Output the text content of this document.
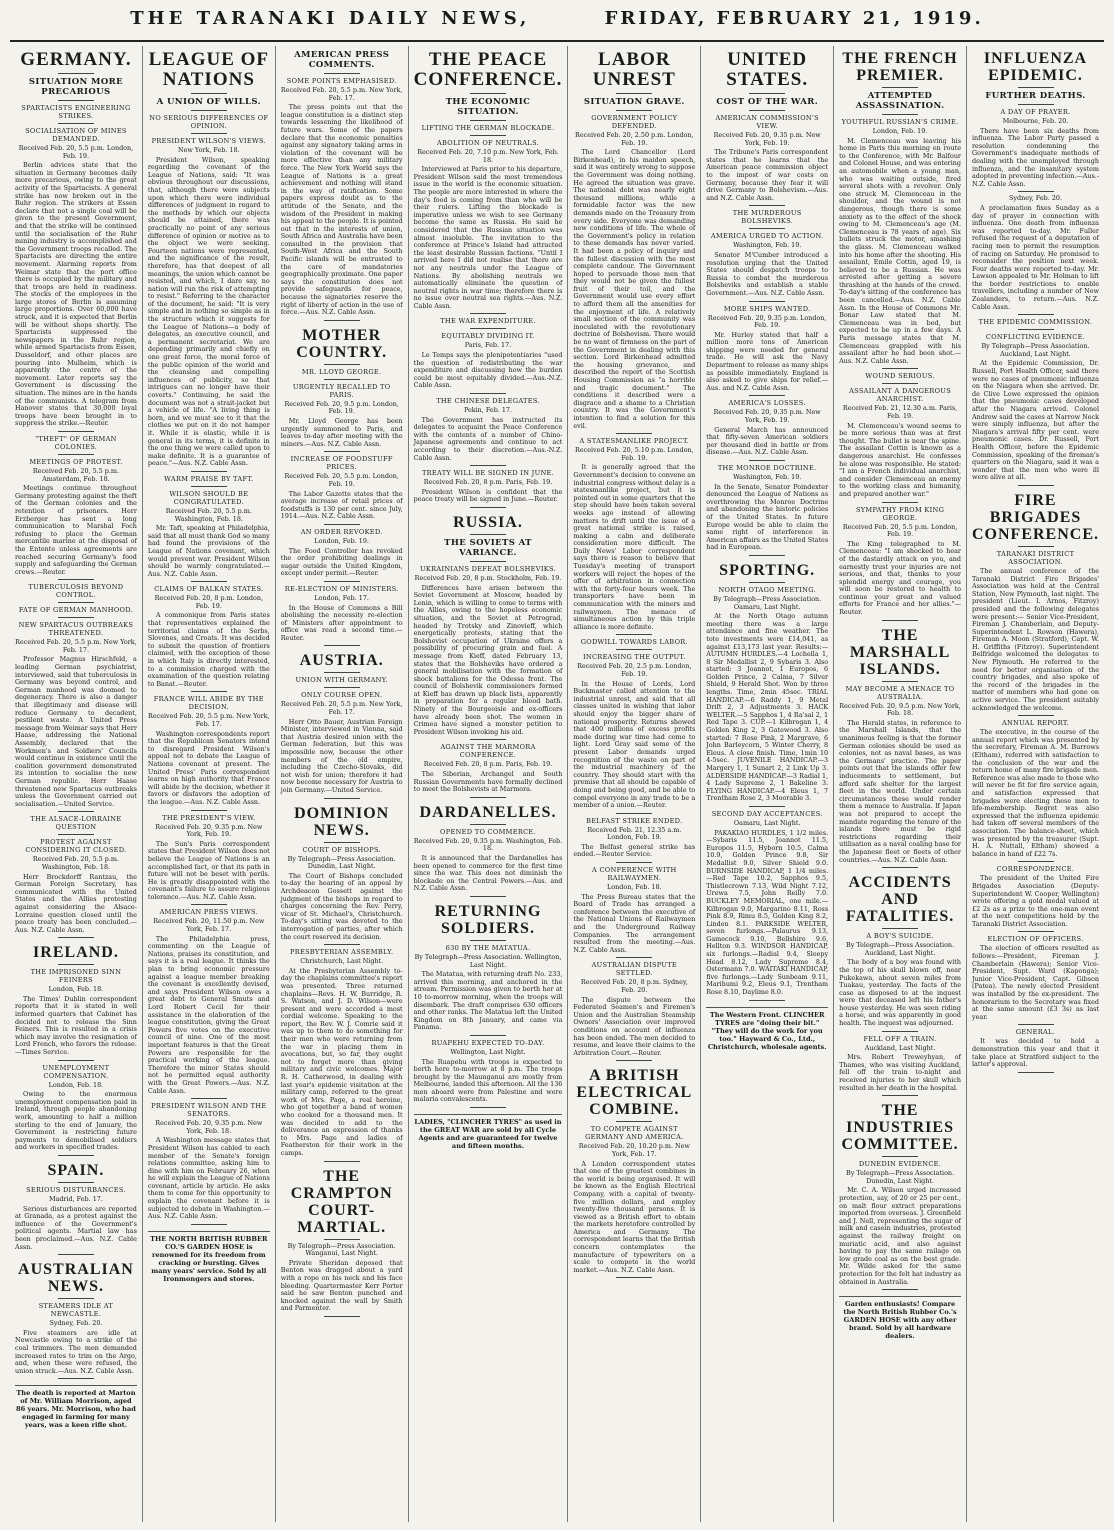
THE TARANAKI DAILY NEWS,	FRIDAY, FEBRUARY 21, 1919.
GERMANY.
SITUATION MORE PRECARIOUS
SPARTACISTS ENGINEERING STRIKES.
SOCIALISATION OF MINES DEMANDED.
Received Feb. 20, 5.5 p.m. London, Feb. 19.

Berlin advices state that the situation in Germany becomes daily more precarious, owing to the great activity of the Spartacists. A general strike has now broken out in the Ruhr region. The strikers at Essen declare that not a single coal will be given to the present Government, and that the strike will be continued until the socialisation of the Ruhr mining industry is accomplished and the Government troops recalled. The Spartacists are directing the entire movement. Alarming reports from Weimar state that the port office there is occupied by the military and that troops are held in readiness. The stocks of the employees in the large stores of Berlin is assuming large proportions. Over 60,000 have struck, and it is expected that Berlin will be without shops shortly. The Spartacists suppressed the newspapers in the Ruhr region, while armed Spartacists from Essen, Dusseldorf, and other places are pouring into Mulheim, which is apparently the centre of the movement. Later reports say the Government is discussing the situation. The mines are in the hands of the communists. A telegram from Hanover states that 30,000 loyal troops have been brought in to suppress the strike.—Reuter.

"THEFT" OF GERMAN COLONIES.
MEETINGS OF PROTEST.
Received Feb. 20, 5.5 p.m. Amsterdam, Feb. 18.

Meetings continue throughout Germany protesting against the theft of the German colonies and the retention of prisoners. Herr Erzberger has sent a long communication to Marshal Foch refusing to place the German mercantile marine at the disposal of the Entente unless agreements are reached securing Germany's food supply and safeguarding the German crews.—Reuter.

TUBERCULOSIS BEYOND CONTROL.
FATE OF GERMAN MANHOOD.
NEW SPARTACUS OUTBREAKS THREATENED.
Received Feb. 20, 5.5 p.m. New York, Feb. 17.

Professor Magnus Hirschfeld, a leading German psychiatrist, interviewed, said that tuberculosis in Germany was beyond control, and German manhood was doomed to degeneracy. There is also a danger that illegitimacy and disease will reduce Germany to decadent, pestilent waste. A United Press message from Weimar says that Herr Haase, addressing the National Assembly, declared that the Workmen's and Soldiers' Councils would continue in existence until the coalition government demonstrated its intention to socialise the new German republic. Herr Haase threatened new Spartacus outbreaks unless the Government carried out socialisation.—United Service.

THE ALSACE-LORRAINE QUESTION
PROTEST AGAINST CONSIDERING IT CLOSED.
Received Feb. 20, 5.5 p.m. Washington, Feb. 18.

Herr Brockdorff Rantzau, the German Foreign Secretary, has communicated with the United States and the Allies protesting against considering the Alsace-Lorraine question closed until the peace treaty has been concluded.—Aus. N.Z. Cable Assn.

IRELAND.
THE IMPRISONED SINN FEINERS
London, Feb. 18.

The Times' Dublin correspondent reports that it is stated in well informed quarters that Cabinet has decided not to release the Sinn Feiners. This is resulted in a crisis which may involve the resignation of Lord French, who favors the release.—Times Service.

UNEMPLOYMENT COMPENSATION.
London, Feb. 18.

Owing to the enormous unemployment compensation paid in Ireland, through people abandoning work, amounting to half a million sterling to the end of January, the Government is restricting future payments to demobilised soldiers and workers in specified trades.

SPAIN.
SERIOUS DISTURBANCES.
Madrid, Feb. 17.

Serious disturbances are reported at Granada, as a protest against the influence of the Government's political agents. Martial law has been proclaimed.—Aus. N.Z. Cable Assn.

AUSTRALIAN NEWS.
STEAMERS IDLE AT NEWCASTLE.
Sydney, Feb. 20.

Five steamers are idle at Newcastle owing to a strike of the coal trimmers. The men demanded increased rates to trim on the Argo, and, when these were refused, the union struck.—Aus. N.Z. Cable Assn.

The death is reported at Marton of Mr. William Morrison, aged 86 years. Mr. Morrison, who had engaged in farming for many years, was a keen rifle shot.
LEAGUE OF NATIONS
A UNION OF WILLS.
NO SERIOUS DIFFERENCES OF OPINION.
PRESIDENT WILSON'S VIEWS.
New York, Feb. 18.

President Wilson, speaking regarding the covenant of the League of Nations, said: "It was obvious throughout our discussions, that, although there were subjects upon which there were individual differences of judgment in regard to the methods by which our objects should be attained, there was practically no point of any serious difference of opinion or motive as to the object we were seeking. Fourteen nations were represented, and the significance of the result, therefore, has that deepest of all meanings, the union which cannot be resisted, and which, I dare say, no nation will run the risk of attempting to resist." Referring to the character of the document, he said: "It is very simple and in nothing so simple as in the structure which it suggests for the League of Nations—a body of delegates, an executive council, and a permanent secretariat. We are depending primarily and chiefly on one great force, the moral force of the public opinion of the world and the cleansing and compelling influences of publicity, so that intrigues can no longer have their coverts." Continuing, he said the document was not a strait-jacket but a vehicle of life. "A living thing is born, and we must see to it that the clothes we put on it do not hamper it. While it is elastic, while it is general in its terms, it is definite in the one thing we were called upon to make definite. It is a guarantee of peace."—Aus. N.Z. Cable Assn.

WARM PRAISE BY TAFT.
WILSON SHOULD BE CONGRATULATED.
Received Feb. 20, 5.5 p.m. Washington, Feb. 18.

Mr. Taft, speaking at Philadelphia, said that all must thank God so many had found the provisions of the League of Nations covenant, which would prevent war. President Wilson should be warmly congratulated.—Aus. N.Z. Cable Assn.

CLAIMS OF BALKAN STATES.
Received Feb. 20, 8 p.m. London, Feb. 19.

A commonique from Paris states that representatives explained the territorial claims of the Serbs, Slovenes, and Croats. It was decided to submit the question of frontiers claimed, with the exception of those in which Italy is directly interested, to a commission charged with the examination of the question relating to Banat.—Reuter.

FRANCE WILL ABIDE BY THE DECISION.
Received Feb. 20, 5.5 p.m. New York, Feb. 17.

Washington correspondents report that the Republican Senators intend to disregard President Wilson's appeal not to debate the League of Nations covenant at present. The United Press' Paris correspondent learns on high authority that France will abide by the decision, whether it favors or disfavors the adoption of the league.—Aus. N.Z. Cable Assn.

THE PRESIDENT'S VIEW.
Received Feb. 20, 9.35 p.m. New York, Feb. 19.

The Sun's Paris correspondent states that President Wilson does not believe the League of Nations is an accomplished fact, or that its path in future will not be beset with perils. He is greatly disappointed with the covenant's failure to assure religious tolerance.—Aus. N.Z. Cable Assn.

AMERICAN PRESS VIEWS.
Received Feb. 20, 11.50 p.m. New York, Feb. 17.

The Philadelphia press, commenting on the League of Nations, praises its constitution, and says it is a real league. It thinks the plan to bring economic pressure against a league member breaking the covenant is excellently devised, and says President Wilson owes a great debt to General Smuts and Lord Robert Cecil for their assistance in the elaboration of the league constitution, giving the Great Powers five votes on the executive council of nine. One of the most important features is that the Great Powers are responsible for the practical working of the league. Therefore the minor States should not be permitted equal authority with the Great Powers.—Aus. N.Z. Cable Assn.

PRESIDENT WILSON AND THE SENATORS.
Received Feb. 20, 9.35 p.m. New York, Feb. 18.

A Washington message states that President Wilson has cabled to each member of the Senate's foreign relations committee, asking him to dine with him on February 26, when he will explain the League of Nations covenant, article by article. He asks them to come for this opportunity to explain the covenant before it is subjected to debate in Washington.—Aus. N.Z. Cable Assn.

THE NORTH BRITISH RUBBER CO.'S GARDEN HOSE is renowned for its freedom from cracking or bursting. Gives many years' service. Sold by all Ironmongers and stores.
AMERICAN PRESS COMMENTS.
SOME POINTS EMPHASISED.
Received Feb. 20, 5.5 p.m. New York, Feb. 17.

The press points out that the league constitution is a distinct step towards lessening the likelihood of future wars. Some of the papers declare that the economic penalties against any signatory taking arms in violation of the covenant will be more effective than any military force. The New York World says the League of Nations is a great achievement and nothing will stand in the way of ratification. Some papers express doubt as to the attitude of the Senate, and the wisdom of the President in making his appeal to the people. It is pointed out that in the interests of union, South Africa and Australia have been consulted in the provision that South-West Africa and the South Pacific islands will be entrusted to the care of mandatories geographically proximate. One paper says the constitution does not provide safeguards for peace, because the signatories reserve the right of liberty of action in the use of force.—Aus. N.Z. Cable Assn.

MOTHER COUNTRY.
MR. LLOYD GEORGE.
URGENTLY RECALLED TO PARIS.
Received Feb. 20, 9.5 p.m. London, Feb. 19.

Mr. Lloyd George has been urgently summoned to Paris, and leaves to-day after meeting with the miners.—Aus. N.Z. Cable Assn.

INCREASE OF FOODSTUFF PRICES.
Received Feb. 20, 5.5 p.m. London, Feb. 19.

The Labor Gazette states that the average increase of retail prices of foodstuffs is 130 per cent. since July, 1914.—Aus. N.Z. Cable Assn.

AN ORDER REVOKED.
London, Feb. 19.

The Food Controller has revoked the order prohibiting dealings in sugar outside the United Kingdom, except under permit.—Reuter.

RE-ELECTION OF MINISTERS.
London, Feb. 17.

In the House of Commons a Bill abolishing the necessity re-election of Ministers after appointment to office was read a second time.—Reuter.

AUSTRIA.
UNION WITH GERMANY.
ONLY COURSE OPEN.
Received Feb. 20, 5.5 p.m. New York, Feb. 17.

Herr Otto Bauer, Austrian Foreign Minister, interviewed in Vienna, said that Austria desired union with the German federation, but this was impossible now, because the other members of the old empire, including the Czecho-Slovaks, did not wish for union; therefore it had now become necessary for Austria to join Germany.—United Service.

DOMINION NEWS.
COURT OF BISHOPS.
By Telegraph—Press Association. Dunedin, Last Night.

The Court of Bishops concluded to-day the hearing of an appeal by Archdeacon Gossett against the judgment of the bishops in regard to charges concerning the Rev. Perry, vicar of St. Michael's, Christchurch. To-day's sitting was devoted to the interrogation of parties, after which the court reserved its decision.

PRESBYTERIAN ASSEMBLY.
Christchurch, Last Night.

At the Presbyterian Assembly to-day the chaplains committee's report was presented. Three returned chaplains—Revs. H. W. Burridge, R. S. Watson, and J. D. Wilson—were present and were accorded a most cordial welcome. Speaking to the report, the Rev. W. J. Comrie said it was up to them to do something for their men who were returning from the war in placing them in avocations, but, so far, they ought not to forget more than giving military and civic welcomes. Major R. H. Catherwood, in dealing with last year's epidemic visitation at the military camp, referred to the great work of Mrs. Page, a real heroine, who got together a band of women who cooked for a thousand men. It was decided to add to the deliverance an expression of thanks to Mrs. Page and ladies of Featherston for their work in the camps.

THE CRAMPTON COURT-MARTIAL.
By Telegraph—Press Association. Wanganui, Last Night.

Private Sheridan deposed that Benton was dragged about a yard with a rope on his neck and his face bleeding. Quartermaster Kerr Porter said he saw Benton punched and knocked against the wall by Smith and Parmenter.

THE PEACE CONFERENCE.
THE ECONOMIC SITUATION.
LIFTING THE GERMAN BLOCKADE.
ABOLITION OF NEUTRALS.
Received Feb. 20, 7.10 p.m. New York, Feb. 18.

Interviewed at Paris prior to his departure, President Wilson said the most tremendous issue in the world is the economic situation. The people are more interested in where the day's food is coming from than who will be their rulers. Lifting the blockade is imperative unless we wish to see Germany become the same as Russia. He said he considered that the Russian situation was almost insoluble. The invitation to the conference at Prince's Island had attracted the least desirable Russian factions. "Until I arrived here I did not realise that there are not any neutrals under the League of Nations. By abolishing neutrals we automatically eliminate the question of neutral rights in war time; therefore there is no issue over neutral sea rights.—Aus. N.Z. Cable Assn.

THE WAR EXPENDITURE.
EQUITABLY DIVIDING IT.
Paris, Feb. 17.

Le Temps says the plenipotentiaries "used the question of redistributing the war expenditure and discussing how the burden could be most equitably divided.—Aus.-N.Z. Cable Assn.

THE CHINESE DELEGATES.
Pekin, Feb. 17.

The Government has instructed its delegates to acquaint the Peace Conference with the contents of a number of Chino-Japanese agreements and continue to act according to their discretion.—Aus.-N.Z. Cable Assn.

TREATY WILL BE SIGNED IN JUNE.
Received Feb. 20, 8 p.m. Paris, Feb. 19.

President Wilson is confident that the peace treaty will be signed in June.—Reuter.

RUSSIA.
THE SOVIETS AT VARIANCE.
UKRAINIANS DEFEAT BOLSHEVIKS.
Received Feb. 20, 8 p.m. Stockholm, Feb. 19.

Differences have arisen between the Soviet Government at Moscow, headed by Lenin, which is willing to come to terms with the Allies, owing to the hopeless economic situation, and the Soviet at Petrograd, headed by Trotsky and Zinovieff, which energetically protests, stating that the Bolshevist occupation of Ukraine offers a possibility of procuring grain and fuel. A message from Kieff, dated February 13, states that the Bolsheviks have ordered a general mobilisation with the formation of shock battalions for the Odessa front. The council of Bolshevik commissioners formed at Kieff has drawn up black lists, apparently in preparation for a regular blood bath. Ninety of the Bourgeoisie and ex-officers have already been shot. The women in Crimea have signed a monster petition to President Wilson invoking his aid.

AGAINST THE MARMORA CONFERENCE.
Received Feb. 20, 8 p.m. Paris, Feb. 19.

The Siberian, Archangel and South Russian Governments have formally declined to meet the Bolshevists at Marmora.

DARDANELLES.
OPENED TO COMMERCE.
Received Feb. 20, 9.35 p.m. Washington, Feb. 18.

It is announced that the Dardanelles has been opened to commerce for the first time since the war. This does not diminish the blockade on the Central Powers.—Aus. and N.Z. Cable Assn.

RETURNING SOLDIERS.
630 BY THE MATATUA.
By Telegraph—Press Association. Wellington, Last Night.

The Matatua, with returning draft No. 233, arrived this morning, and anchored in the stream. Permission was given to berth her at 10 to-morrow morning, when the troops will disembark. The draft comprises 630 officers and other ranks. The Matatua left the United Kingdom on 8th January, and came via Panama.

RUAPEHU EXPECTED TO-DAY.
Wellington, Last Night.

The Ruapehu with troops is expected to berth here to-morrow at 8 p.m. The troops brought by the Maunganui are mostly from Melbourne, landed this afternoon. All the 136 men aboard were from Palestine and were malaria convalescents.

LADIES, "CLINCHER TYRES" as used in the GREAT WAR are sold by all Cycle Agents and are guaranteed for twelve and fifteen months.
LABOR UNREST
SITUATION GRAVE.
GOVERNMENT POLICY DEFENDED.
Received Feb. 20, 2.50 p.m. London, Feb. 19.

The Lord Chancellor (Lord Birkenhead), in his maiden speech, said it was entirely wrong to suppose the Government was doing nothing. He agreed the situation was grave. The national debt was nearly eight thousand millions, while a formidable factor was the new demands made on the Treasury from every side. Everyone was demanding new conditions of life. The whole of the Government's policy in relation to these demands has never varied. It had been a policy of inquiry and the fullest discussion with the most complete candour. The Government hoped to persuade those men that they would not be given the fullest fruit of their toil, and the Government would use every effort to afford them all the amenities for the enjoyment of life. A relatively small section of the community was inoculated with the revolutionary doctrine of Bolshevism. There would be no want of firmness on the part of the Government in dealing with this section. Lord Birkenhead admitted the housing grievance, and described the report of the Scottish Housing Commission as "a horrible and tragic document." The conditions it described were a disgrace and a shame to a Christian country. It was the Government's intention to find a solution for this evil.

A STATESMANLIKE PROJECT.
Received Feb. 20, 5.10 p.m. London, Feb. 19.

It is generally agreed that the Government's decision to convene an industrial congress without delay is a statesmanlike project, but it is pointed out in some quarters that the step should have been taken several weeks ago instead of allowing matters to drift until the issue of a great national strike is raised, making a calm and deliberate consideration more difficult. The Daily News' Labor correspondent says there is reason to believe that Tuesday's meeting of transport workers will reject the hopes of the offer of arbitration in connection with the forty-four hours week. The transporters have been in communication with the miners and railwaymen. The menace of simultaneous action by this triple alliance is more definite.

GODWILL TOWARDS LABOR.
INCREASING THE OUTPUT.
Received Feb. 20, 2.5 p.m. London, Feb. 19.

In the House of Lords, Lord Buckmaster called attention to the industrial unrest, and said that all classes united in wishing that labor should enjoy the bigger share of national prosperity. Returns showed that 400 millions of excess profits made during war time had come to light. Lord Gray said some of the present Labor demands urged recognition of the waste on part of the industrial machinery of the country. They should start with the premise that all should be capable of doing and being good, and be able to compel everyone in any trade to be a member of a union.—Reuter.

BELFAST STRIKE ENDED.
Received Feb. 21, 12.35 a.m. London, Feb. 19.

The Belfast general strike has ended.—Reuter Service.

A CONFERENCE WITH RAILWAYMEN.
London, Feb. 18.

The Press Bureau states that the Board of Trade has arranged a conference between the executive of the National Unions of Railwaymen and the Underground Railway Companies. The arrangement resulted from the meeting.—Aus. N.Z. Cable Assn.

AUSTRALIAN DISPUTE SETTLED.
Received Feb. 20, 8 p.m. Sydney, Feb. 20.

The dispute between the Federated Seamen's and Firemen's Union and the Australian Steamship Owners' Association over improved conditions on account of influenza has been ended. The men decided to resume, and leave their claims to the Arbitration Court.—Reuter.

A BRITISH ELECTRICAL COMBINE.
TO COMPETE AGAINST GERMANY AND AMERICA.
Received Feb. 20, 10.20 p.m. New York, Feb. 17.

A London correspondent states that one of the greatest combines in the world is being organised. It will be known as the English Electrical Company, with a capital of twenty-five million dollars, and employ twenty-five thousand persons. It is viewed as a British effort to obtain the markets heretofore controlled by America and Germany. The correspondent learns that the British concern contemplates the manufacture of typewriters on a scale to compete in the world market.—Aus. N.Z. Cable Assn.

UNITED STATES.
COST OF THE WAR.
AMERICAN COMMISSION'S VIEW.
Received Feb. 20, 9.35 p.m. New York, Feb. 19.

The Tribune's Paris correspondent states that he learns that the American peace commission object to the impost of war costs on Germany, because they fear it will drive Germany to Bolshevism.—Aus. and N.Z. Cable Assn.

THE MURDEROUS BOLSHEVIKS.
AMERICA URGED TO ACTION.
Washington, Feb. 19.

Senator M'Cumber introduced a resolution urging that the United States should despatch troops to Russia to combat the murderous Bolsheviks and establish a stable Government.—Aus. N.Z. Cable Assn.

MORE SHIPS WANTED.
Received Feb. 20, 9.35 p.m. London, Feb. 19.

Mr. Hurley stated that half a million more tons of American shipping were needed for general trade. He will ask the Navy Department to release as many ships as possible immediately. England is also asked to give ships for relief.—Aus. and N.Z. Cable Assn.

AMERICA'S LOSSES.
Received Feb. 20, 9.35 p.m. New York, Feb. 19.

General March has announced that fifty-seven American soldiers per thousand died in battle or from disease.—Aus. N.Z. Cable Assn.

THE MONROE DOCTRINE.
Washington, Feb. 19.

In the Senate, Senator Poindexter denounced the League of Nations as overthrowing the Monroe Doctrine and abandoning the historic policies of the United States. In future Europe would be able to claim the same right of interference in American affairs as the United States had in European.

SPORTING.
NORTH OTAGO MEETING.
By Telegraph—Press Association. Oamaru, Last Night.

At the North Otago autumn meeting there was a large attendance and fine weather. The tote investments were £14,041, as against £13,173 last year. Results:— AUTUMN HURDLES.—4 Lochella 1, 8 Sir Medallist 2, 9 Sybaris 3. Also started: 3 Joannot, 1 Europos, 6 Golden Prince, 2 Calma, 7 Silver Shield, 9 Herald Shot. Won by three lengths. Time, 2min 45sec. TRIAL HANDICAP.—6 Raddy 1, 9 Metal Drift 2, 3 Adjustments 3. HACK WELTER.—5 Sapphos 1, 4 Ra'sal 2, 1 Red Tape 3. CUP.—1 Kilbrogan 1, 4 Golden King 2, 3 Gatewood 3. Also started: 7 Rose Pink, 2 Margrave, 6 John Barleycorn, 5 Winter Cherry, 8 Eleus. A close finish. Time, 1min 10 4-5sec. JUVENILE HANDICAP.—3 Margery 1, 1 Sunart 2, 2 Link Up 3. ALDERSIDE HANDICAP.—3 Radial 1, 4 Lady Supreme 2, 1 Bakeline 3. FLYING HANDICAP.—4 Eleus 1, 7 Trentham Rose 2, 3 Moorable 3.

SECOND DAY ACCEPTANCES.
Oamaru, Last Night.

PAKAKIAO HURDLES, 1 1/2 miles.—Sybaris 11.5, Joannot 11.5, Europos 11.5, Hyborn 10.5, Calma 10.9, Golden Prince 9.8, Sir Medallist 9.0, Silver Shield 9.0. BURNSIDE HANDICAP, 1 1/4 miles.—Red Tape 10.2, Sapphos 9.5, Thistlecrown 7.13, Wild Night 7.12, Urewa 7.5, John Reilly 7.0. BUCKLEY MEMORIAL, one mile.—Kilbrogan 9.0, Margarino 8.11, Ross Pink 8.9, Rimu 8.5, Golden King 8.2, Linden 8.1. PARKSIDE WELTER, seven furlongs.—Palaurus 9.13, Gamecock 9.10, Bellshire 9.6, Hellton 9.3. WINDSOR HANDICAP, six furlongs.—Radial 9.4, Sleepy Head 8.12, Lady Supreme 8.4, Ostermann 7.0. WAITAKI HANDICAP, five furlongs.—Lady Sunbeam 9.11, Marihumi 9.2, Eleus 9.1, Trentham Rose 8.10, Daylime 8.0.

The Western Front. CLINCHER TYRES are "doing their bit." "They will do the work for you too." Hayward & Co., Ltd., Christchurch, wholesale agents.
THE FRENCH PREMIER.
ATTEMPTED ASSASSINATION.
YOUTHFUL RUSSIAN'S CRIME.
London, Feb. 19.

M. Clemenceau was leaving his home in Paris this morning en route to the Conference, with Mr. Balfour and Colonel House, and was entering an automobile when a young man, who was waiting outside, fired several shots with a revolver. Only one struck M. Clemenceau in the shoulder, and the wound is not dangerous, though there is some anxiety as to the effect of the shock owing to M. Clemenceau's age (M. Clemenceau is 78 years of age). Six bullets struck the motor, smashing the glass. M. Clemenceau walked into his home after the shooting. His assailant, Emile Cottin, aged 19, is believed to be a Russian. He was arrested after getting a severe thrashing at the hands of the crowd. To-day's sitting of the conference has been cancelled.—Aus. N.Z. Cable Assn. In the House of Commons Mr. Bonar Law stated that M. Clemenceau was in bed, but expected to be up in a few days. A Paris message states that M. Clemenceau grappled with his assailant after he had been shot.—Aus. N.Z. Cable Assn.

WOUND SERIOUS.
ASSAILANT A DANGEROUS ANARCHIST.
Received Feb. 21, 12.30 a.m. Paris, Feb. 19.

M. Clemenceau's wound seems to be more serious than was at first thought. The bullet is near the spine. The assailant Cottin is known as a dangerous anarchist. He confesses he alone was responsible. He stated: "I am a French individual anarchist, and consider Clemenceau an enemy to the working class and humanity, and prepared another war."

SYMPATHY FROM KING GEORGE.
Received Feb. 20, 5.5 p.m. London, Feb. 19.

The King telegraphed to M. Clemenceau: "I am shocked to hear of the dastardly attack on you, and earnestly trust your injuries are not serious, and that, thanks to your splendid energy and courage, you will soon be restored to health to continue your great and valued efforts for France and her allies."—Reuter.

THE MARSHALL ISLANDS.
MAY BECOME A MENACE TO AUSTRALIA.
Received Feb. 20, 9.5 p.m. New York, Feb. 18.

The Herald states, in reference to the Marshall Islands, that the unanimous feeling is that the former German colonies should be used as colonies, not as naval bases, as was the Germans' practice. The paper points out that the islands offer few inducements to settlement, but afford safe shelter for the largest fleet in the world. Under certain circumstances these would render them a menace to Australia. If Japan was not prepared to accept the mandate regarding the tenure of the islands there must be rigid restrictions regarding their utilisation as a naval coaling base for the Japanese fleet or fleets of other countries.—Aus. N.Z. Cable Assn.

ACCIDENTS AND FATALITIES.
A BOY'S SUICIDE.
By Telegraph—Press Association. Auckland, Last Night.

The body of a boy was found with the top of his skull blown off, near Pukekawa, about seven miles from Tuakau, yesterday. The facts of the case as disposed to at the inquest were that deceased left his father's house yesterday. He was seen riding a horse, and was apparently in good health. The inquest was adjourned.

FELL OFF A TRAIN.
Auckland, Last Night.

Mrs. Robert Treweyhyan, of Thames, who was visiting Auckland, fell off the train to-night and received injuries to her skull which resulted in her death in the hospital.

THE INDUSTRIES COMMITTEE.
DUNEDIN EVIDENCE.
By Telegraph—Press Association. Dunedin, Last Night.

Mr. C. A. Wilson urged increased protection, say, of 20 or 25 per cent., on malt flour extract preparations imported from overseas. J. Greenfield and J. Nell, representing the sugar of milk and casein industries, protested against the railway freight on muriatic acid, and also against having to pay the same railage on low grade coal as on the best grade. Mr. Wilde asked for the same protection for the felt hat industry as obtained in Australia.

Garden enthusiasts! Compare the North British Rubber Co.'s GARDEN HOSE with any other brand. Sold by all hardware dealers.
INFLUENZA EPIDEMIC.
FURTHER DEATHS.
A DAY OF PRAYER.
Melbourne, Feb. 20.

There have been six deaths from influenza. The Labor Party passed a resolution condemning the Government's inadequate methods of dealing with the unemployed through influenza, and the insanitary system adopted in preventing infection.—Aus.-N.Z. Cable Assn.

Sydney, Feb. 20.

A proclamation fixes Sunday as a day of prayer in connection with influenza. One death from influenza was reported to-day. Mr. Fuller refused the request of a deputation of racing men to permit the resumption of racing on Saturday. He promised to reconsider the position next week. Four deaths were reported to-day. Mr. Lawson appealed to Mr. Holman to lift the border restrictions to enable travellers, including a number of New Zealanders, to return.—Aus. N.Z. Cable Assn.

THE EPIDEMIC COMMISSION.
CONFLICTING EVIDENCE.
By Telegraph—Press Association. Auckland, Last Night.

At the Epidemic Commission, Dr. Russell, Port Health Officer, said there were no cases of pneumonic influenza on the Niagara when she arrived. Dr. de Clive Lowe expressed the opinion that the pneumonic cases developed after the Niagara arrived. Colonel Andrew said the cases at Narrow Neck were simply influenza, but after the Niagara's arrival fifty per cent. were pneumonic cases. Dr. Russell, Port Health Officer, before the Epidemic Commission, speaking of the fireman's quarters on the Niagara, said it was a wonder that the men who were ill were alive at all.

FIRE BRIGADES CONFERENCE.
TARANAKI DISTRICT ASSOCIATION.

The annual conference of the Taranaki District Fire Brigades' Association was held at the Central Station, New Plymouth, last night. The president (Lieut. I. Arnos, Fitzroy) presided and the following delegates were present:— Senior Vice-President, Fireman J. Chamberlain, and Deputy-Superintendent L. Rowson (Hawera), Fireman A. Moon (Stratford), Capt. W. H. Griffiths (Fitzroy). Superintendent Belfridge welcomed the delegates to New Plymouth. He referred to the need for better organisation of the country brigades, and also spoke of the record of the brigades in the matter of members who had gone on active service. The president suitably acknowledged the welcome.

ANNUAL REPORT.

The executive, in the course of the annual report which was presented by the secretary, Fireman A. M. Burrows (Eltham), referred with satisfaction to the conclusion of the war and the return home of many fire brigade men. Reference was also made to those who will never be fit for fire service again, and satisfaction expressed that brigades were electing these men to life-membership. Regret was also expressed that the influenza epidemic had taken off several members of the association. The balance-sheet, which was presented by the treasurer (Supt. H. A. Nuttall, Eltham) showed a balance in hand of £22 7s.

CORRESPONDENCE.

The president of the United Fire Brigades Association (Deputy-Superintendent W. Cooper, Wellington) wrote offering a gold medal valued at £2 2s as a prize to the one-man event at the next competitions held by the Taranaki District Association.

ELECTION OF OFFICERS.

The election of officers resulted as follows:—President, Fireman J. Chamberlain (Hawera); Senior Vice-President, Supt. Ward (Kaponga); Junior Vice-President, Capt. Gibson (Patea). The newly elected President was installed by the ex-president. The honorarium to the Secretary was fixed at the same amount (£3 3s) as last year.

GENERAL.

It was decided to hold a demonstration this year and that it take place at Stratford subject to the latter's approval.
